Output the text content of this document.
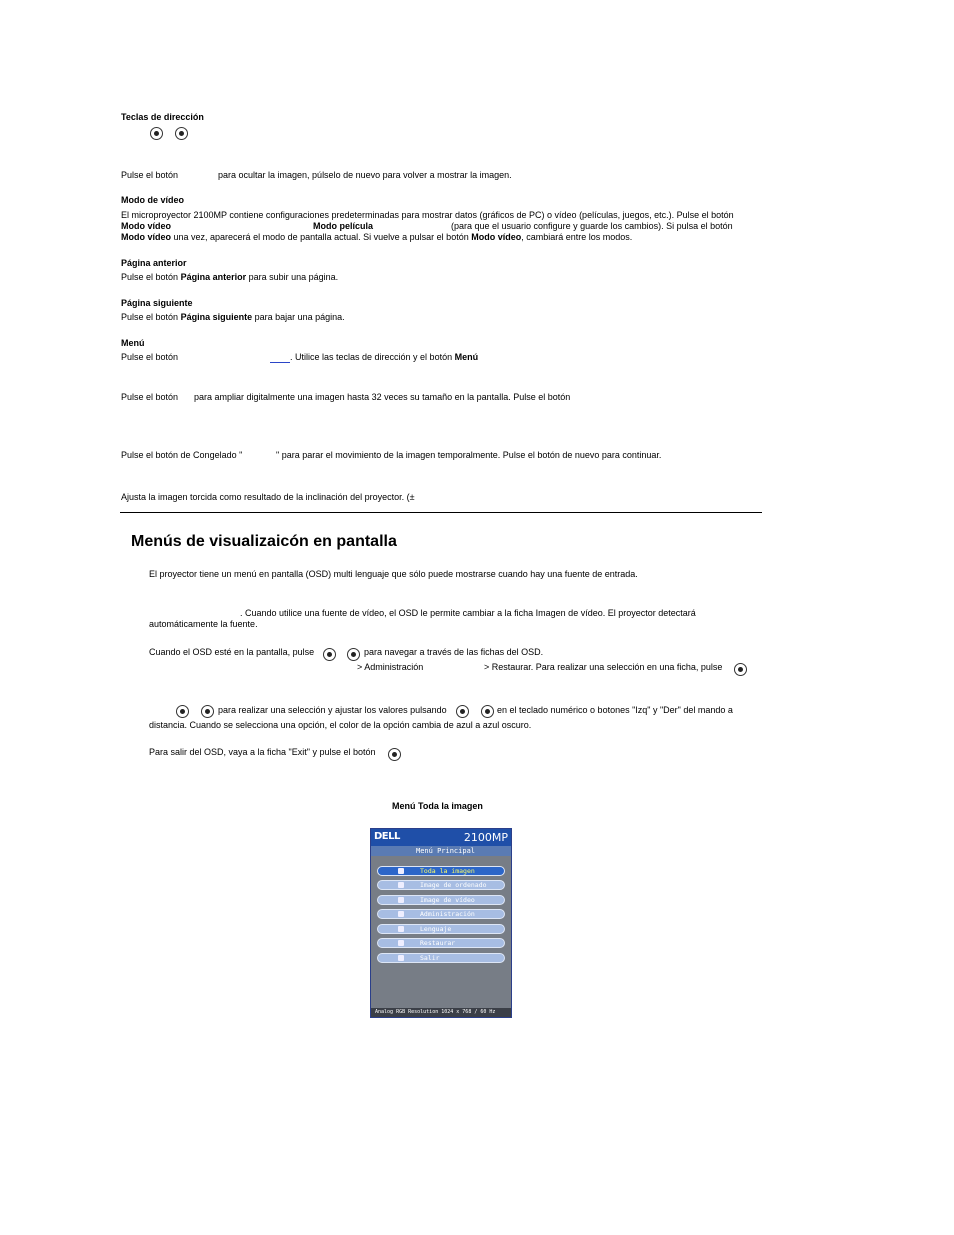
Teclas de dirección
Pulse el botón	para ocultar la imagen, púlselo de nuevo para volver a mostrar la imagen.
Modo de vídeo
El microproyector 2100MP contiene configuraciones predeterminadas para mostrar datos (gráficos de PC) o vídeo (películas, juegos, etc.). Pulse el botón
Modo vídeo	Modo película	(para que el usuario configure y guarde los cambios). Si pulsa el botón
Modo vídeo una vez, aparecerá el modo de pantalla actual. Si vuelve a pulsar el botón Modo vídeo, cambiará entre los modos.
Página anterior
Pulse el botón Página anterior para subir una página.
Página siguiente
Pulse el botón Página siguiente para bajar una página.
Menú
Pulse el botón	. Utilice las teclas de dirección y el botón Menú
Pulse el botón para ampliar digitalmente una imagen hasta 32 veces su tamaño en la pantalla. Pulse el botón
Pulse el botón de Congelado "	" para parar el movimiento de la imagen temporalmente. Pulse el botón de nuevo para continuar.
Ajusta la imagen torcida como resultado de la inclinación del proyector. (±
Menús de visualizaicón en pantalla
El proyector tiene un menú en pantalla (OSD) multi lenguaje que sólo puede mostrarse cuando hay una fuente de entrada.
. Cuando utilice una fuente de vídeo, el OSD le permite cambiar a la ficha Imagen de vídeo. El proyector detectará
automáticamente la fuente.
Cuando el OSD esté en la pantalla, pulse	para navegar a través de las fichas del OSD.
> Administración	> Restaurar. Para realizar una selección en una ficha, pulse
para realizar una selección y ajustar los valores pulsando	en el teclado numérico o botones "Izq" y "Der" del mando a
distancia. Cuando se selecciona una opción, el color de la opción cambia de azul a azul oscuro.
Para salir del OSD, vaya a la ficha "Exit" y pulse el botón
Menú Toda la imagen
DELL	2100MP
Menú Principal
Toda la imagen
Image de ordenado
Image de vídeo
Administración
Lenguaje
Restaurar
Salir
Analog RGB Resolution 1024 x 768 / 60 Hz
